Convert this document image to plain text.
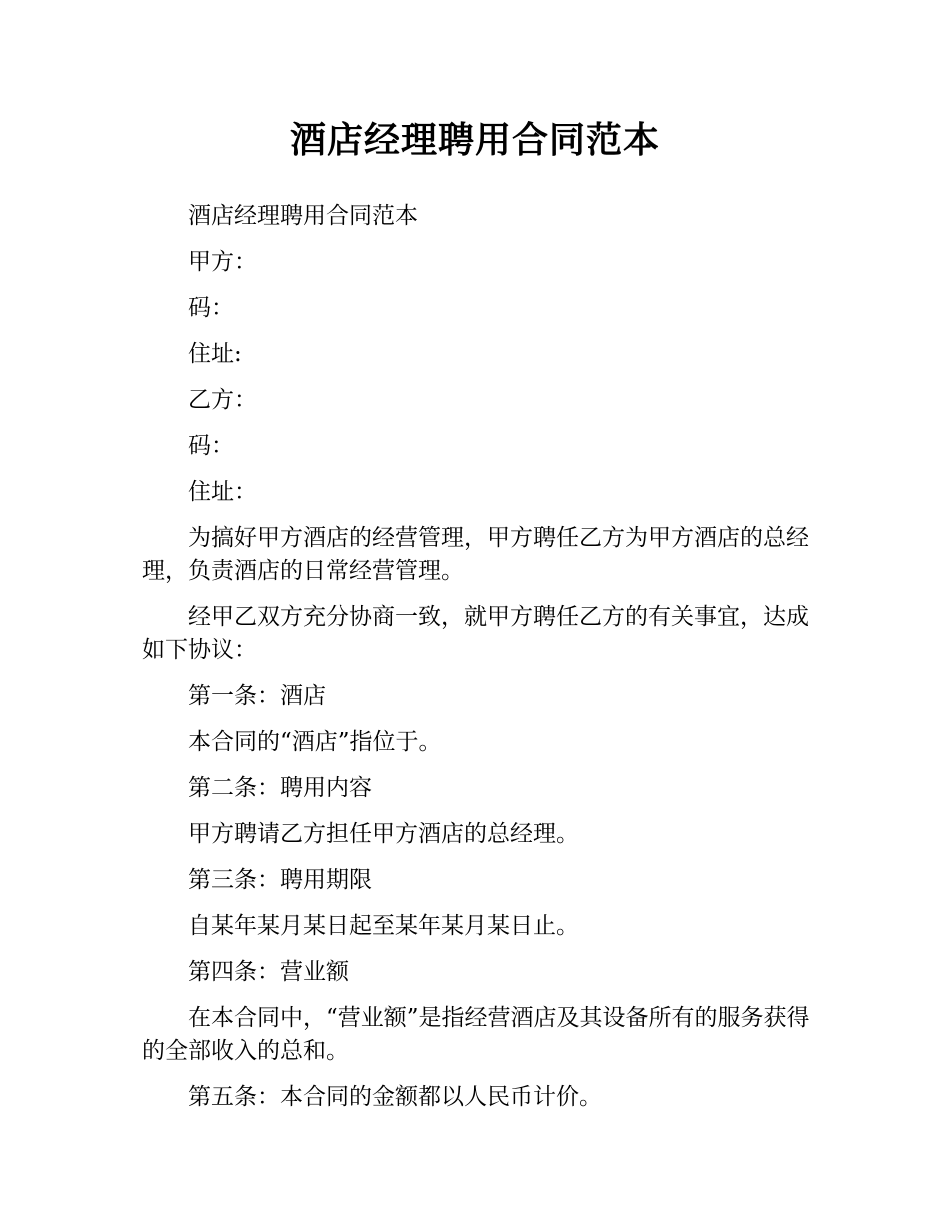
酒店经理聘用合同范本

酒店经理聘用合同范本

甲方：

码：

住址:

乙方：

码：

住址：

为搞好甲方酒店的经营管理，甲方聘任乙方为甲方酒店的总经理，负责酒店的日常经营管理。

经甲乙双方充分协商一致，就甲方聘任乙方的有关事宜，达成如下协议：

第一条：酒店

本合同的“酒店”指位于。

第二条：聘用内容

甲方聘请乙方担任甲方酒店的总经理。

第三条：聘用期限

自某年某月某日起至某年某月某日止。

第四条：营业额

在本合同中，“营业额”是指经营酒店及其设备所有的服务获得的全部收入的总和。

第五条：本合同的金额都以人民币计价。
